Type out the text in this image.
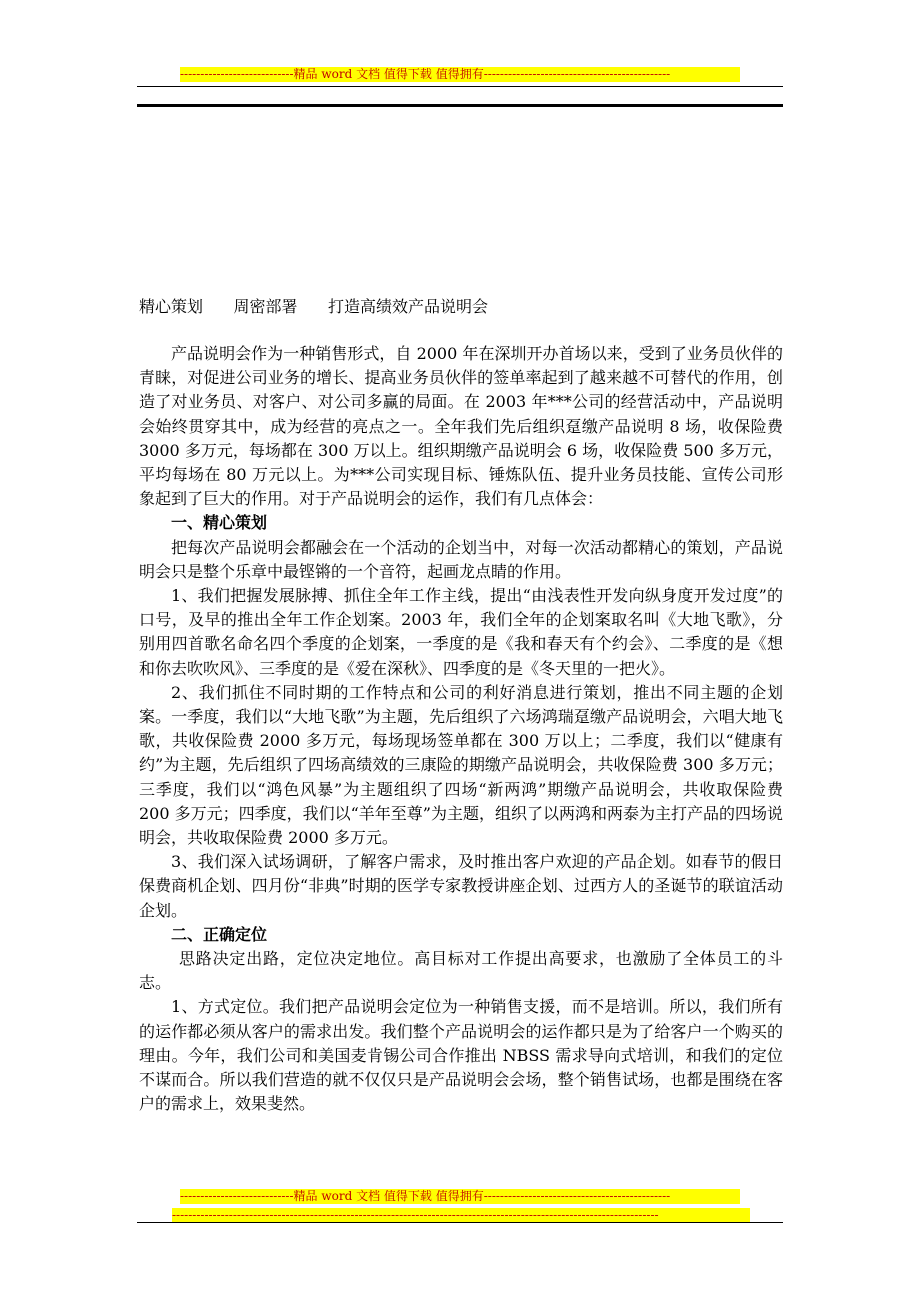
----------------------------精品 word 文档 值得下载 值得拥有----------------------------------------------
精心策划      周密部署      打造高绩效产品说明会

产品说明会作为一种销售形式，自 2000 年在深圳开办首场以来，受到了业务员伙伴的青睐，对促进公司业务的增长、提高业务员伙伴的签单率起到了越来越不可替代的作用，创造了对业务员、对客户、对公司多赢的局面。在 2003 年***公司的经营活动中，产品说明会始终贯穿其中，成为经营的亮点之一。全年我们先后组织趸缴产品说明 8 场，收保险费 3000 多万元，每场都在 300 万以上。组织期缴产品说明会 6 场，收保险费 500 多万元，平均每场在 80 万元以上。为***公司实现目标、锤炼队伍、提升业务员技能、宣传公司形象起到了巨大的作用。对于产品说明会的运作，我们有几点体会：

一、精心策划

把每次产品说明会都融会在一个活动的企划当中，对每一次活动都精心的策划，产品说明会只是整个乐章中最铿锵的一个音符，起画龙点睛的作用。

1、我们把握发展脉搏、抓住全年工作主线，提出“由浅表性开发向纵身度开发过度”的口号，及早的推出全年工作企划案。2003 年，我们全年的企划案取名叫《大地飞歌》，分别用四首歌名命名四个季度的企划案，一季度的是《我和春天有个约会》、二季度的是《想和你去吹吹风》、三季度的是《爱在深秋》、四季度的是《冬天里的一把火》。

2、我们抓住不同时期的工作特点和公司的利好消息进行策划，推出不同主题的企划案。一季度，我们以“大地飞歌”为主题，先后组织了六场鸿瑞趸缴产品说明会，六唱大地飞歌，共收保险费 2000 多万元，每场现场签单都在 300 万以上；二季度，我们以“健康有约”为主题，先后组织了四场高绩效的三康险的期缴产品说明会，共收保险费 300 多万元；三季度，我们以“鸿色风暴”为主题组织了四场“新两鸿”期缴产品说明会，共收取保险费 200 多万元；四季度，我们以“羊年至尊”为主题，组织了以两鸿和两泰为主打产品的四场说明会，共收取保险费 2000 多万元。

3、我们深入试场调研，了解客户需求，及时推出客户欢迎的产品企划。如春节的假日保费商机企划、四月份“非典”时期的医学专家教授讲座企划、过西方人的圣诞节的联谊活动企划。

二、正确定位

思路决定出路，定位决定地位。高目标对工作提出高要求，也激励了全体员工的斗志。

1、方式定位。我们把产品说明会定位为一种销售支援，而不是培训。所以，我们所有的运作都必须从客户的需求出发。我们整个产品说明会的运作都只是为了给客户一个购买的理由。今年，我们公司和美国麦肯锡公司合作推出 NBSS 需求导向式培训，和我们的定位不谋而合。所以我们营造的就不仅仅只是产品说明会会场，整个销售试场，也都是围绕在客户的需求上，效果斐然。

----------------------------精品 word 文档 值得下载 值得拥有----------------------------------------------
------------------------------------------------------------------------------------------------------------------------
